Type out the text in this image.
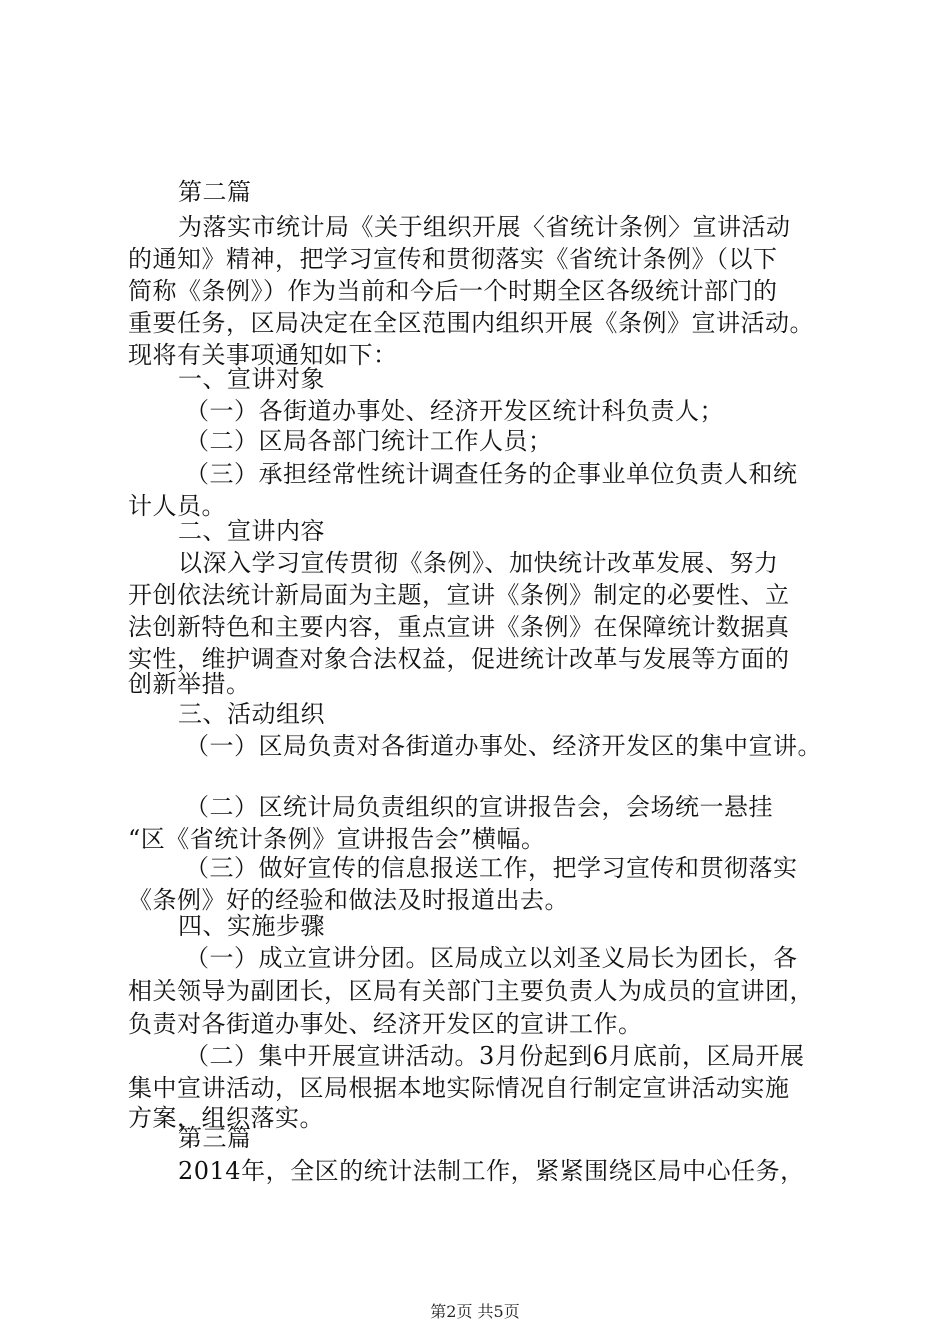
第二篇
为落实市统计局《关于组织开展〈省统计条例〉宣讲活动
的通知》精神，把学习宣传和贯彻落实《省统计条例》（以下
简称《条例》）作为当前和今后一个时期全区各级统计部门的
重要任务，区局决定在全区范围内组织开展《条例》宣讲活动。
现将有关事项通知如下：
一、宣讲对象
（一）各街道办事处、经济开发区统计科负责人；
（二）区局各部门统计工作人员；
（三）承担经常性统计调查任务的企事业单位负责人和统
计人员。
二、宣讲内容
以深入学习宣传贯彻《条例》、加快统计改革发展、努力
开创依法统计新局面为主题，宣讲《条例》制定的必要性、立
法创新特色和主要内容，重点宣讲《条例》在保障统计数据真
实性，维护调查对象合法权益，促进统计改革与发展等方面的
创新举措。
三、活动组织
（一）区局负责对各街道办事处、经济开发区的集中宣讲。
（二）区统计局负责组织的宣讲报告会，会场统一悬挂
“区《省统计条例》宣讲报告会”横幅。
（三）做好宣传的信息报送工作，把学习宣传和贯彻落实
《条例》好的经验和做法及时报道出去。
四、实施步骤
（一）成立宣讲分团。区局成立以刘圣义局长为团长，各
相关领导为副团长，区局有关部门主要负责人为成员的宣讲团，
负责对各街道办事处、经济开发区的宣讲工作。
（二）集中开展宣讲活动。3月份起到6月底前，区局开展
集中宣讲活动，区局根据本地实际情况自行制定宣讲活动实施
方案，组织落实。
第三篇
2014年，全区的统计法制工作，紧紧围绕区局中心任务，
第2页 共5页
